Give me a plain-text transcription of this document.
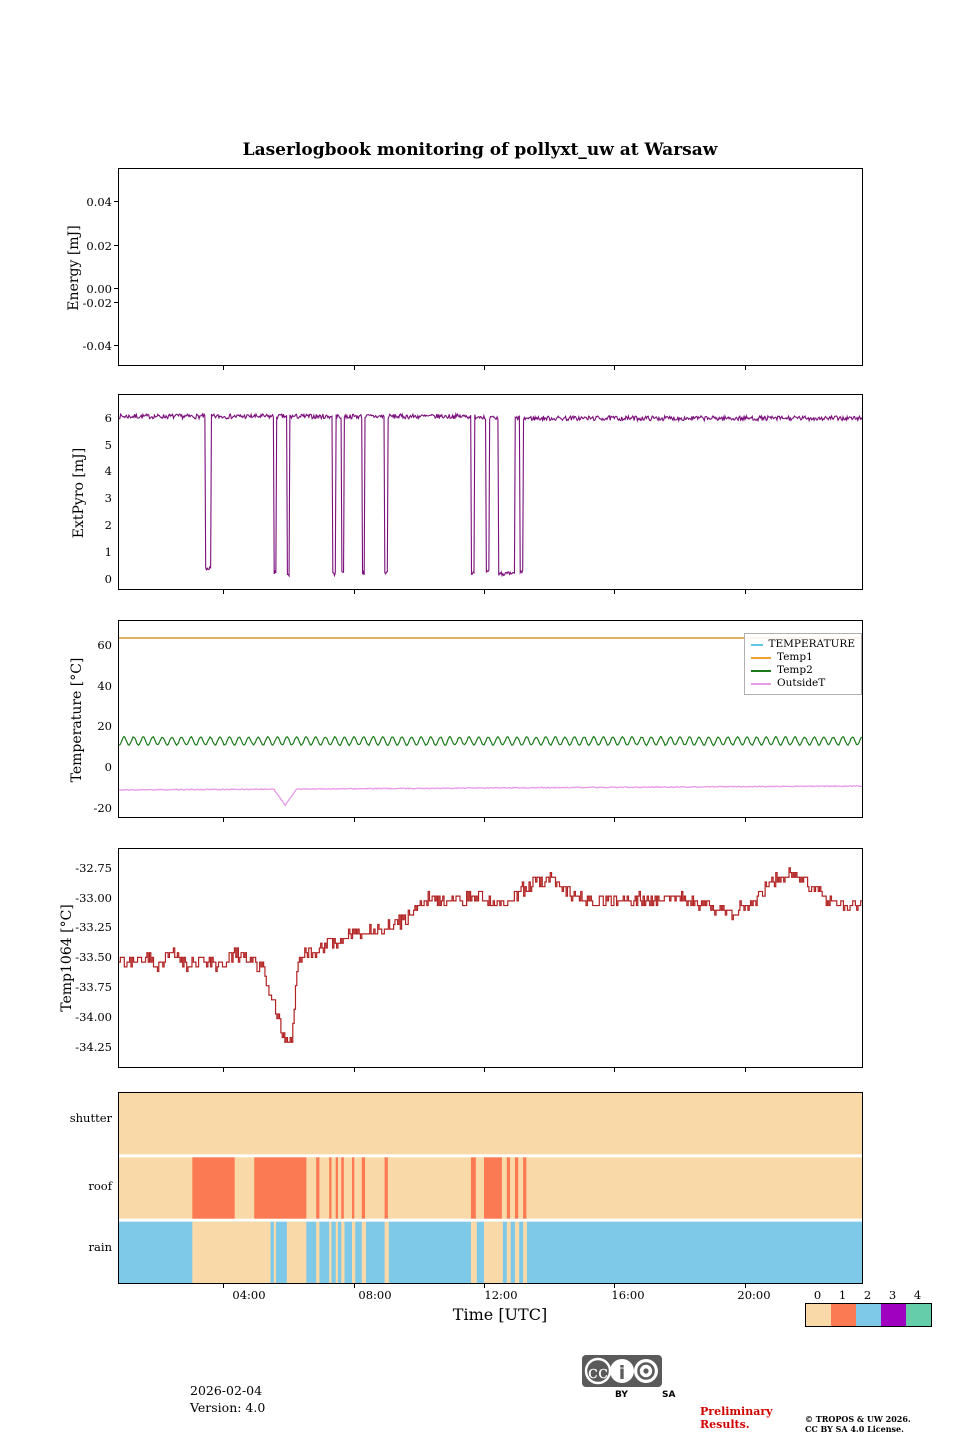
Laserlogbook monitoring of pollyxt_uw at Warsaw
Energy [mJ]
0.04
0.02
0.00
-0.02
-0.04
ExtPyro [mJ]
6
5
4
3
2
1
0
Temperature [°C]
60
40
20
0
-20
TEMPERATURE
Temp1
Temp2
OutsideT
Temp1064 [°C]
-32.75
-33.00
-33.25
-33.50
-33.75
-34.00
-34.25
shutter
roof
rain
04:00	08:00	12:00	16:00	20:00
Time [UTC]
0	1	2	3	4
2026-02-04
Version: 4.0
cc i
BY	SA
Preliminary
Results.	© TROPOS & UW 2026.
CC BY SA 4.0 License.
